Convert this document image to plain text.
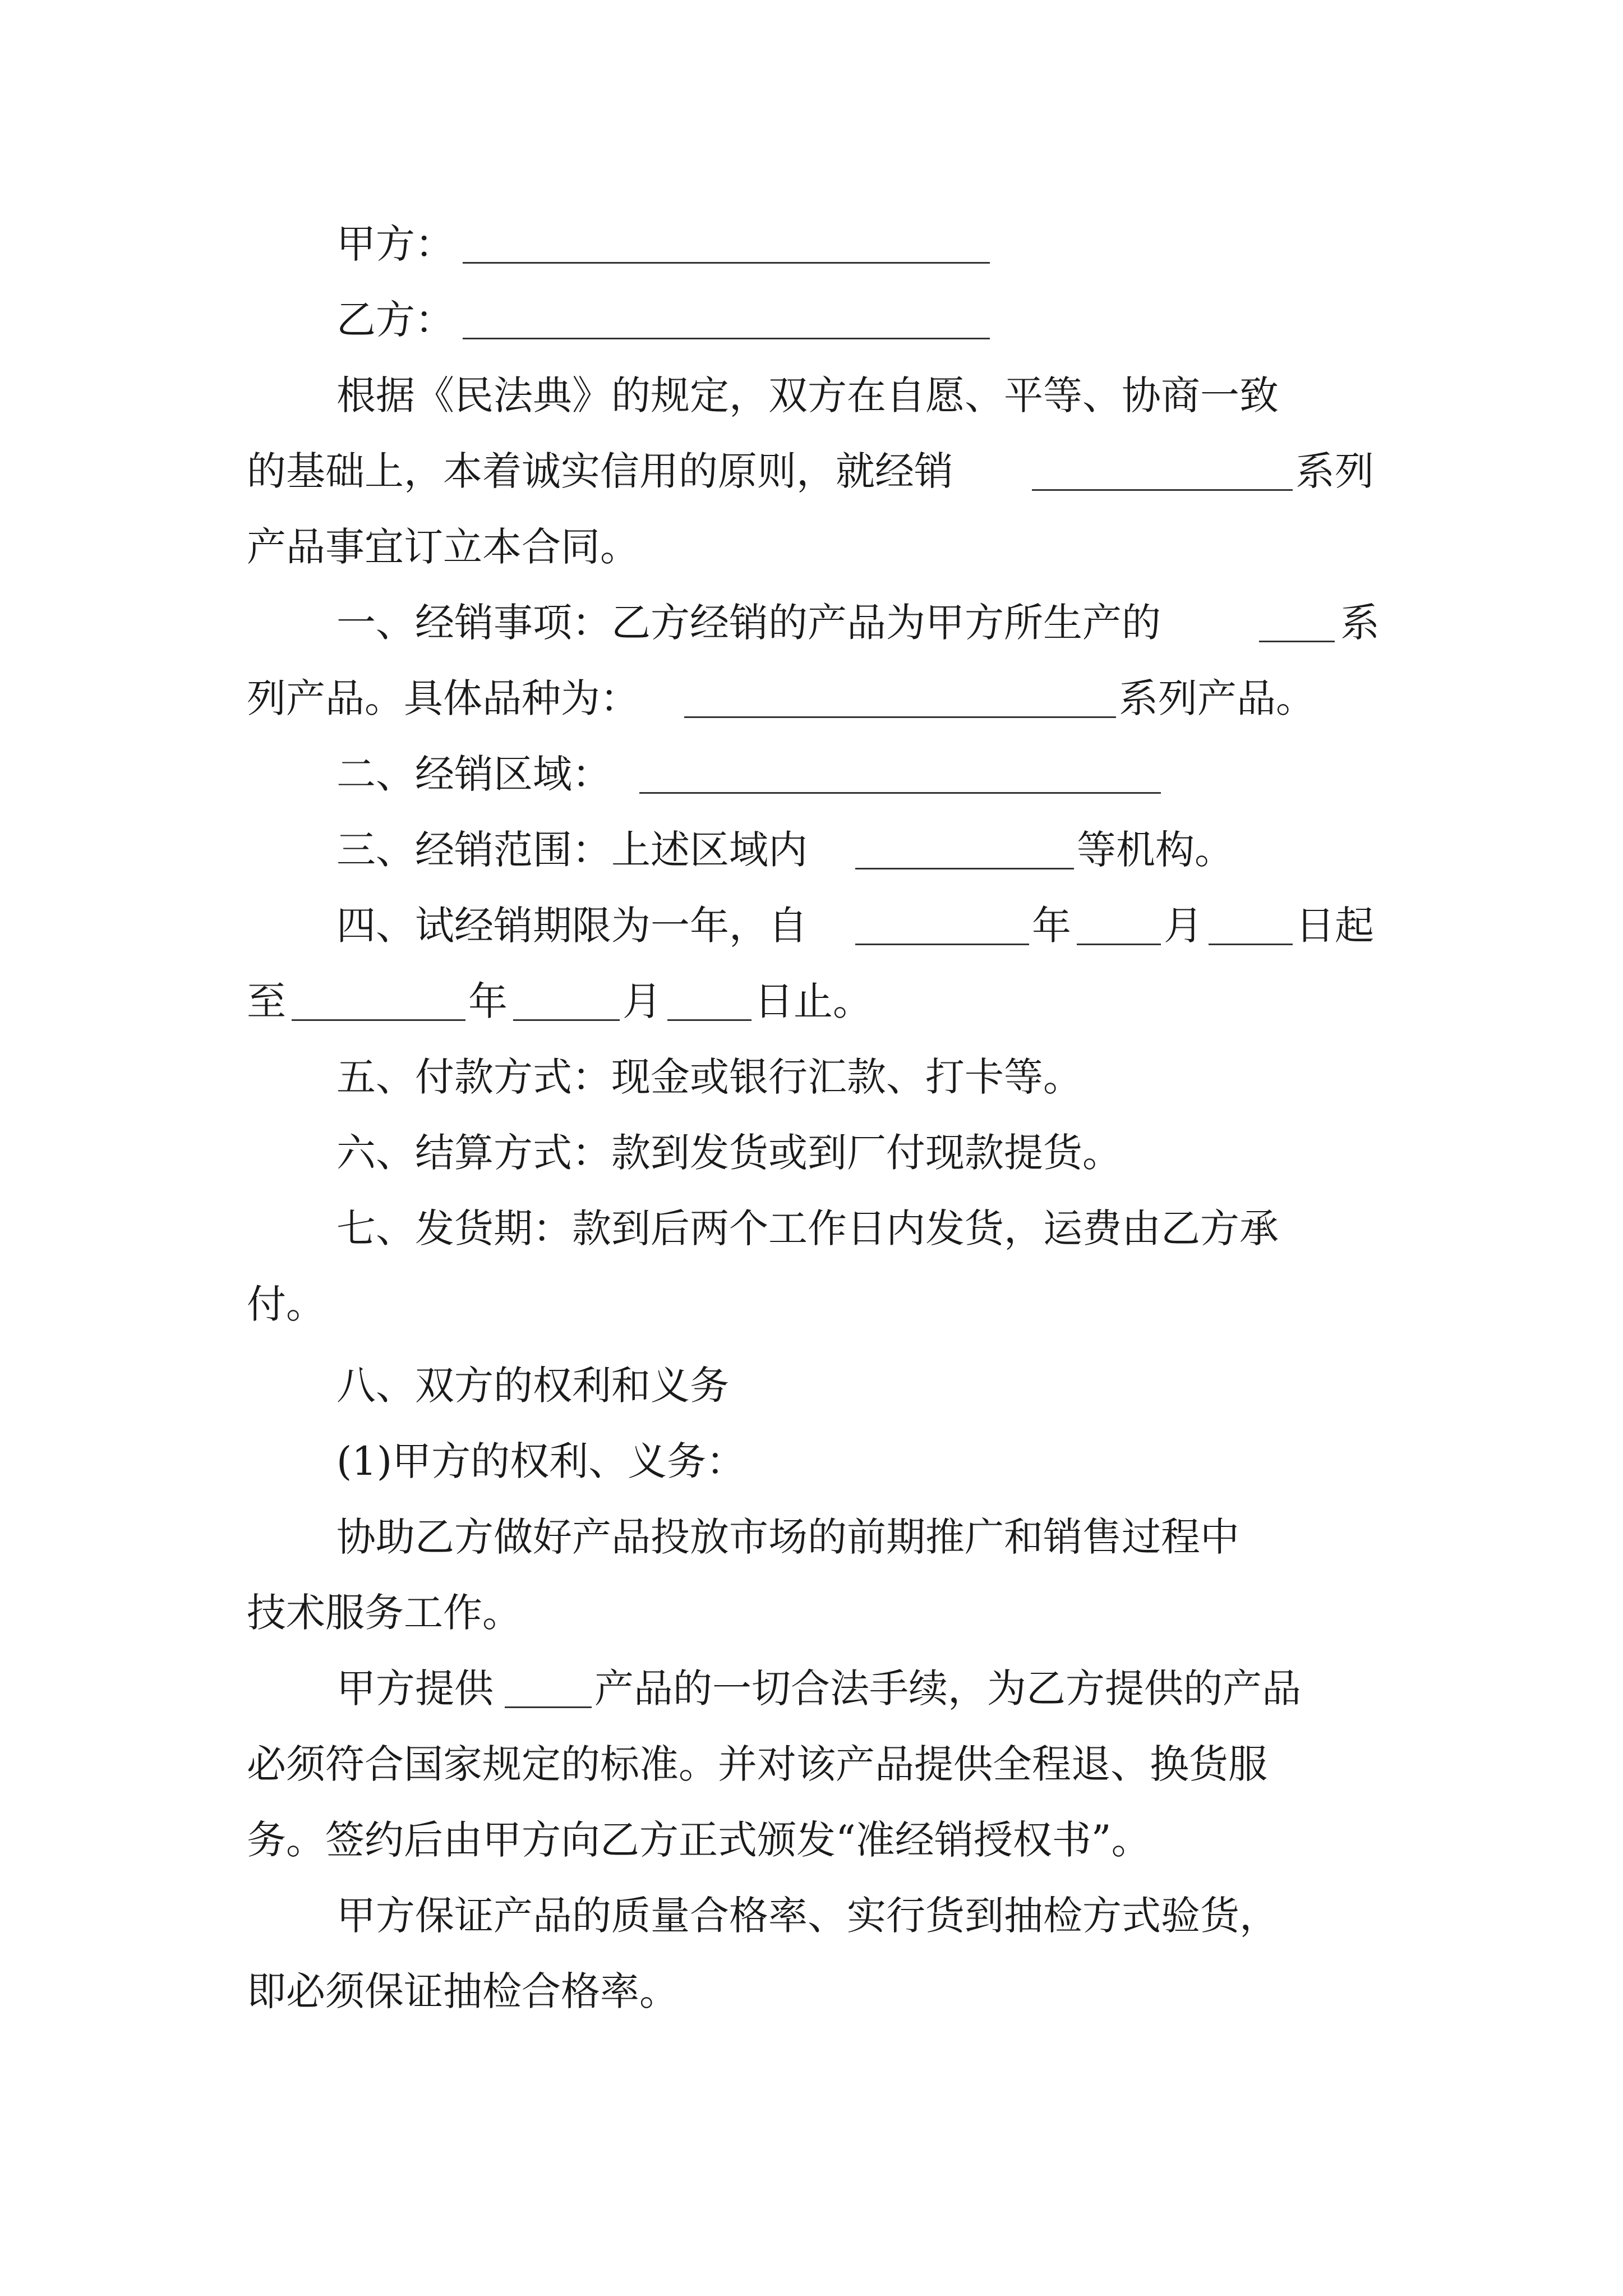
甲方：
乙方：
根据《民法典》的规定，双方在自愿、平等、协商一致
的基础上，本着诚实信用的原则，就经销	系列
产品事宜订立本合同。
一、经销事项：乙方经销的产品为甲方所生产的	系
列产品。具体品种为：	系列产品。
二、经销区域：
三、经销范围：上述区域内	等机构。
四、试经销期限为一年，自	年 月 日起
至	年	月 日止。
五、付款方式：现金或银行汇款、打卡等。
六、结算方式：款到发货或到厂付现款提货。
七、发货期：款到后两个工作日内发货，运费由乙方承
付。
八、双方的权利和义务
(1)甲方的权利、义务：
协助乙方做好产品投放市场的前期推广和销售过程中
技术服务工作。
甲方提供	产品的一切合法手续，为乙方提供的产品
必须符合国家规定的标准。并对该产品提供全程退、换货服
务。签约后由甲方向乙方正式颁发“准经销授权书”。
甲方保证产品的质量合格率、实行货到抽检方式验货，
即必须保证抽检合格率。
